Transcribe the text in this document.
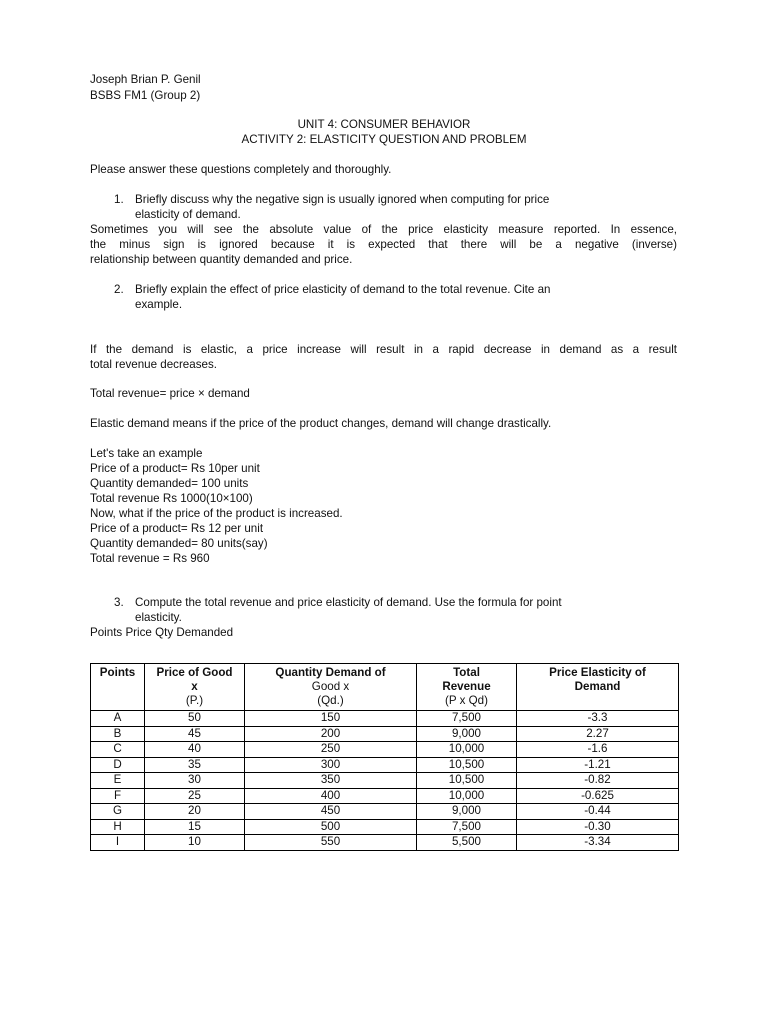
Joseph Brian P. Genil
BSBS FM1 (Group 2)
UNIT 4: CONSUMER BEHAVIOR
ACTIVITY 2: ELASTICITY QUESTION AND PROBLEM
Please answer these questions completely and thoroughly.
1. Briefly discuss why the negative sign is usually ignored when computing for price
elasticity of demand.
Sometimes you will see the absolute value of the price elasticity measure reported. In essence,
the minus sign is ignored because it is expected that there will be a negative (inverse)
relationship between quantity demanded and price.
2. Briefly explain the effect of price elasticity of demand to the total revenue. Cite an
example.
If the demand is elastic, a price increase will result in a rapid decrease in demand as a result
total revenue decreases.
Total revenue= price × demand
Elastic demand means if the price of the product changes, demand will change drastically.
Let's take an example
Price of a product= Rs 10per unit
Quantity demanded= 100 units
Total revenue Rs 1000(10×100)
Now, what if the price of the product is increased.
Price of a product= Rs 12 per unit
Quantity demanded= 80 units(say)
Total revenue = Rs 960
3. Compute the total revenue and price elasticity of demand. Use the formula for point
elasticity.
Points Price Qty Demanded
Points	Price of Good
x
(P.)	Quantity Demand of
Good x
(Qd.)	Total
Revenue
(P x Qd)	Price Elasticity of
Demand

A	50	150	7,500	-3.3
B	45	200	9,000	2.27
C	40	250	10,000	-1.6
D	35	300	10,500	-1.21
E	30	350	10,500	-0.82
F	25	400	10,000	-0.625
G	20	450	9,000	-0.44
H	15	500	7,500	-0.30
I	10	550	5,500	-3.34
